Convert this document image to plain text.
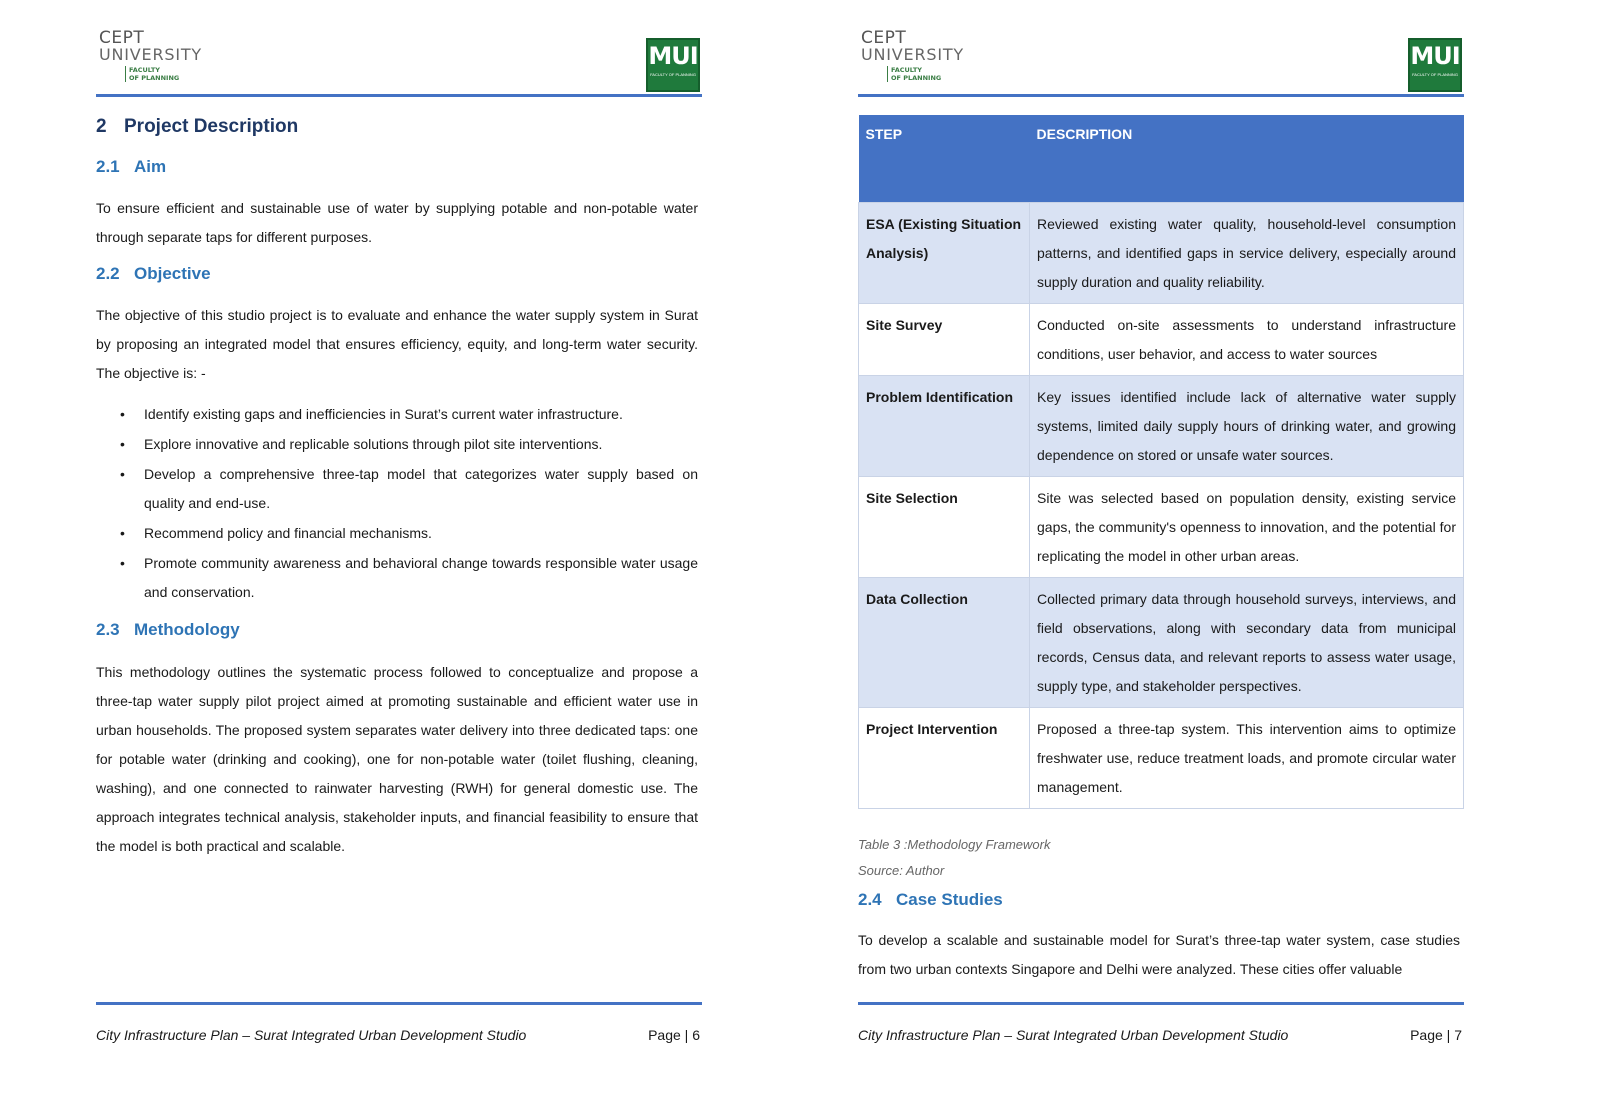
CEPT
UNIVERSITY
FACULTY
OF PLANNING
MUI
FACULTY OF PLANNING
2 Project Description
2.1 Aim

To ensure efficient and sustainable use of water by supplying potable and non-potable water through separate taps for different purposes.

2.2 Objective

The objective of this studio project is to evaluate and enhance the water supply system in Surat by proposing an integrated model that ensures efficiency, equity, and long-term water security. The objective is: -

• Identify existing gaps and inefficiencies in Surat’s current water infrastructure.
• Explore innovative and replicable solutions through pilot site interventions.
• Develop a comprehensive three-tap model that categorizes water supply based on quality and end-use.
• Recommend policy and financial mechanisms.
• Promote community awareness and behavioral change towards responsible water usage and conservation.
2.3 Methodology

This methodology outlines the systematic process followed to conceptualize and propose a three-tap water supply pilot project aimed at promoting sustainable and efficient water use in urban households. The proposed system separates water delivery into three dedicated taps: one for potable water (drinking and cooking), one for non-potable water (toilet flushing, cleaning, washing), and one connected to rainwater harvesting (RWH) for general domestic use. The approach integrates technical analysis, stakeholder inputs, and financial feasibility to ensure that the model is both practical and scalable.

City Infrastructure Plan – Surat Integrated Urban Development Studio	Page | 6
CEPT
UNIVERSITY
FACULTY
OF PLANNING
MUI
FACULTY OF PLANNING
STEP	DESCRIPTION
ESA (Existing Situation Analysis)	Reviewed existing water quality, household-level consumption patterns, and identified gaps in service delivery, especially around supply duration and quality reliability.
Site Survey	Conducted on-site assessments to understand infrastructure conditions, user behavior, and access to water sources
Problem Identification	Key issues identified include lack of alternative water supply systems, limited daily supply hours of drinking water, and growing dependence on stored or unsafe water sources.
Site Selection	Site was selected based on population density, existing service gaps, the community's openness to innovation, and the potential for replicating the model in other urban areas.
Data Collection	Collected primary data through household surveys, interviews, and field observations, along with secondary data from municipal records, Census data, and relevant reports to assess water usage, supply type, and stakeholder perspectives.
Project Intervention	Proposed a three-tap system. This intervention aims to optimize freshwater use, reduce treatment loads, and promote circular water management.
Table 3 :Methodology Framework
Source: Author
2.4 Case Studies

To develop a scalable and sustainable model for Surat’s three-tap water system, case studies from two urban contexts Singapore and Delhi were analyzed. These cities offer valuable

City Infrastructure Plan – Surat Integrated Urban Development Studio	Page | 7
